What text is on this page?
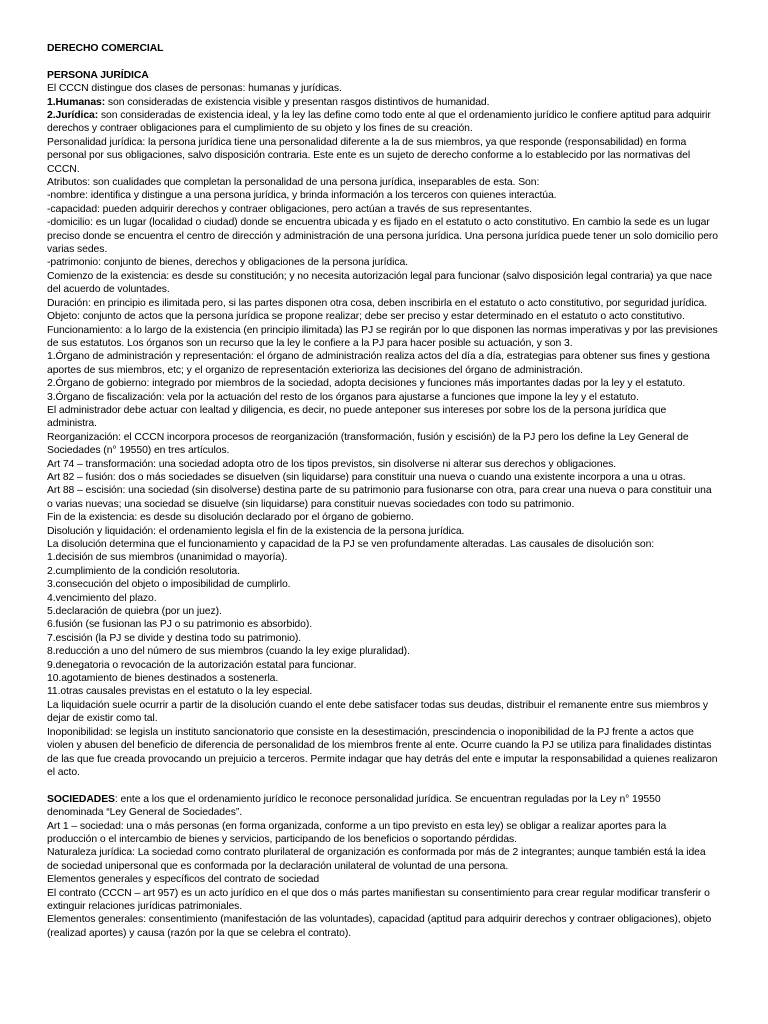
DERECHO COMERCIAL

PERSONA JURÍDICA

El CCCN distingue dos clases de personas: humanas y jurídicas.

1.Humanas: son consideradas de existencia visible y presentan rasgos distintivos de humanidad.

2.Jurídica: son consideradas de existencia ideal, y la ley las define como todo ente al que el ordenamiento jurídico le confiere aptitud para adquirir derechos y contraer obligaciones para el cumplimiento de su objeto y los fines de su creación.

Personalidad jurídica: la persona jurídica tiene una personalidad diferente a la de sus miembros, ya que responde (responsabilidad) en forma personal por sus obligaciones, salvo disposición contraria. Este ente es un sujeto de derecho conforme a lo establecido por las normativas del CCCN.

Atributos: son cualidades que completan la personalidad de una persona jurídica, inseparables de esta. Son:

-nombre: identifica y distingue a una persona jurídica, y brinda información a los terceros con quienes interactúa.

-capacidad: pueden adquirir derechos y contraer obligaciones, pero actúan a través de sus representantes.

-domicilio: es un lugar (localidad o ciudad) donde se encuentra ubicada y es fijado en el estatuto o acto constitutivo. En cambio la sede es un lugar preciso donde se encuentra el centro de dirección y administración de una persona jurídica. Una persona jurídica puede tener un solo domicilio pero varias sedes.

-patrimonio: conjunto de bienes, derechos y obligaciones de la persona jurídica.

Comienzo de la existencia: es desde su constitución; y no necesita autorización legal para funcionar (salvo disposición legal contraria) ya que nace del acuerdo de voluntades.

Duración: en principio es ilimitada pero, si las partes disponen otra cosa, deben inscribirla en el estatuto o acto constitutivo, por seguridad jurídica.

Objeto: conjunto de actos que la persona jurídica se propone realizar; debe ser preciso y estar determinado en el estatuto o acto constitutivo.

Funcionamiento: a lo largo de la existencia (en principio ilimitada) las PJ se regirán por lo que disponen las normas imperativas y por las previsiones de sus estatutos. Los órganos son un recurso que la ley le confiere a la PJ para hacer posible su actuación, y son 3.

1.Órgano de administración y representación: el órgano de administración realiza actos del día a día, estrategias para obtener sus fines y gestiona aportes de sus miembros, etc; y el organizo de representación exterioriza las decisiones del órgano de administración.

2.Órgano de gobierno: integrado por miembros de la sociedad, adopta decisiones y funciones más importantes dadas por la ley y el estatuto.

3.Órgano de fiscalización: vela por la actuación del resto de los órganos para ajustarse a funciones que impone la ley y el estatuto.

El administrador debe actuar con lealtad y diligencia, es decir, no puede anteponer sus intereses por sobre los de la persona jurídica que administra.

Reorganización: el CCCN incorpora procesos de reorganización (transformación, fusión y escisión) de la PJ pero los define la Ley General de Sociedades (n° 19550) en tres artículos.

Art 74 – transformación: una sociedad adopta otro de los tipos previstos, sin disolverse ni alterar sus derechos y obligaciones.

Art 82 – fusión: dos o más sociedades se disuelven (sin liquidarse) para constituir una nueva o cuando una existente incorpora a una u otras.

Art 88 – escisión: una sociedad (sin disolverse) destina parte de su patrimonio para fusionarse con otra, para crear una nueva o para constituir una o varias nuevas; una sociedad se disuelve (sin liquidarse) para constituir nuevas sociedades con todo su patrimonio.

Fin de la existencia: es desde su disolución declarado por el órgano de gobierno.

Disolución y liquidación: el ordenamiento legisla el fin de la existencia de la persona jurídica.

La disolución determina que el funcionamiento y capacidad de la PJ se ven profundamente alteradas. Las causales de disolución son:

1.decisión de sus miembros (unanimidad o mayoría).

2.cumplimiento de la condición resolutoria.

3.consecución del objeto o imposibilidad de cumplirlo.

4.vencimiento del plazo.

5.declaración de quiebra (por un juez).

6.fusión (se fusionan las PJ o su patrimonio es absorbido).

7.escisión (la PJ se divide y destina todo su patrimonio).

8.reducción a uno del número de sus miembros (cuando la ley exige pluralidad).

9.denegatoria o revocación de la autorización estatal para funcionar.

10.agotamiento de bienes destinados a sostenerla.

11.otras causales previstas en el estatuto o la ley especial.

La liquidación suele ocurrir a partir de la disolución cuando el ente debe satisfacer todas sus deudas, distribuir el remanente entre sus miembros y dejar de existir como tal.

Inoponibilidad: se legisla un instituto sancionatorio que consiste en la desestimación, prescindencia o inoponibilidad de la PJ frente a actos que violen y abusen del beneficio de diferencia de personalidad de los miembros frente al ente. Ocurre cuando la PJ se utiliza para finalidades distintas de las que fue creada provocando un prejuicio a terceros. Permite indagar que hay detrás del ente e imputar la responsabilidad a quienes realizaron el acto.

SOCIEDADES: ente a los que el ordenamiento jurídico le reconoce personalidad jurídica. Se encuentran reguladas por la Ley n° 19550 denominada “Ley General de Sociedades”.

Art 1 – sociedad: una o más personas (en forma organizada, conforme a un tipo previsto en esta ley) se obligar a realizar aportes para la producción o el intercambio de bienes y servicios, participando de los beneficios o soportando pérdidas.

Naturaleza jurídica: La sociedad como contrato plurilateral de organización es conformada por más de 2 integrantes; aunque también está la idea de sociedad unipersonal que es conformada por la declaración unilateral de voluntad de una persona.

Elementos generales y específicos del contrato de sociedad

El contrato (CCCN – art 957) es un acto jurídico en el que dos o más partes manifiestan su consentimiento para crear regular modificar transferir o extinguir relaciones jurídicas patrimoniales.

Elementos generales: consentimiento (manifestación de las voluntades), capacidad (aptitud para adquirir derechos y contraer obligaciones), objeto (realizad aportes) y causa (razón por la que se celebra el contrato).
